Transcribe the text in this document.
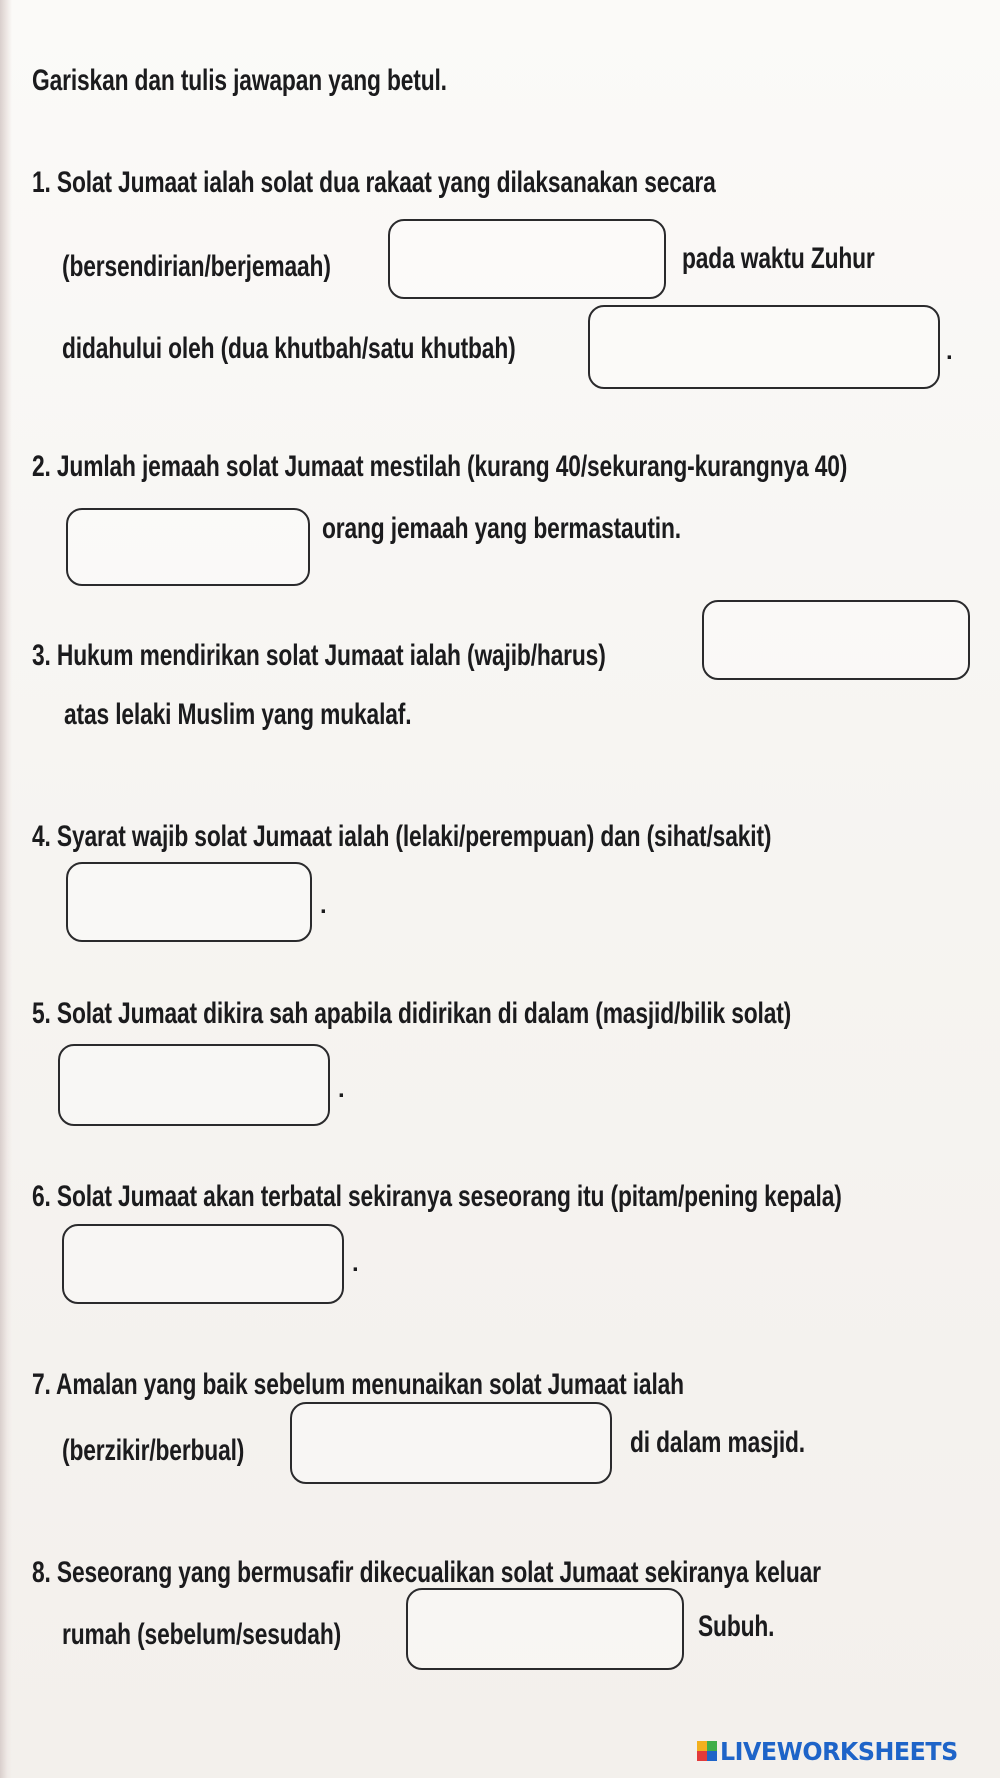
Gariskan dan tulis jawapan yang betul.
1. Solat Jumaat ialah solat dua rakaat yang dilaksanakan secara
(bersendirian/berjemaah)	pada waktu Zuhur
didahului oleh (dua khutbah/satu khutbah)	.
2. Jumlah jemaah solat Jumaat mestilah (kurang 40/sekurang-kurangnya 40)
orang jemaah yang bermastautin.
3. Hukum mendirikan solat Jumaat ialah (wajib/harus)
atas lelaki Muslim yang mukalaf.
4. Syarat wajib solat Jumaat ialah (lelaki/perempuan) dan (sihat/sakit)
.
5. Solat Jumaat dikira sah apabila didirikan di dalam (masjid/bilik solat)
.
6. Solat Jumaat akan terbatal sekiranya seseorang itu (pitam/pening kepala)
.
7. Amalan yang baik sebelum menunaikan solat Jumaat ialah
(berzikir/berbual)	di dalam masjid.
8. Seseorang yang bermusafir dikecualikan solat Jumaat sekiranya keluar
rumah (sebelum/sesudah)	Subuh.
LIVEWORKSHEETS
